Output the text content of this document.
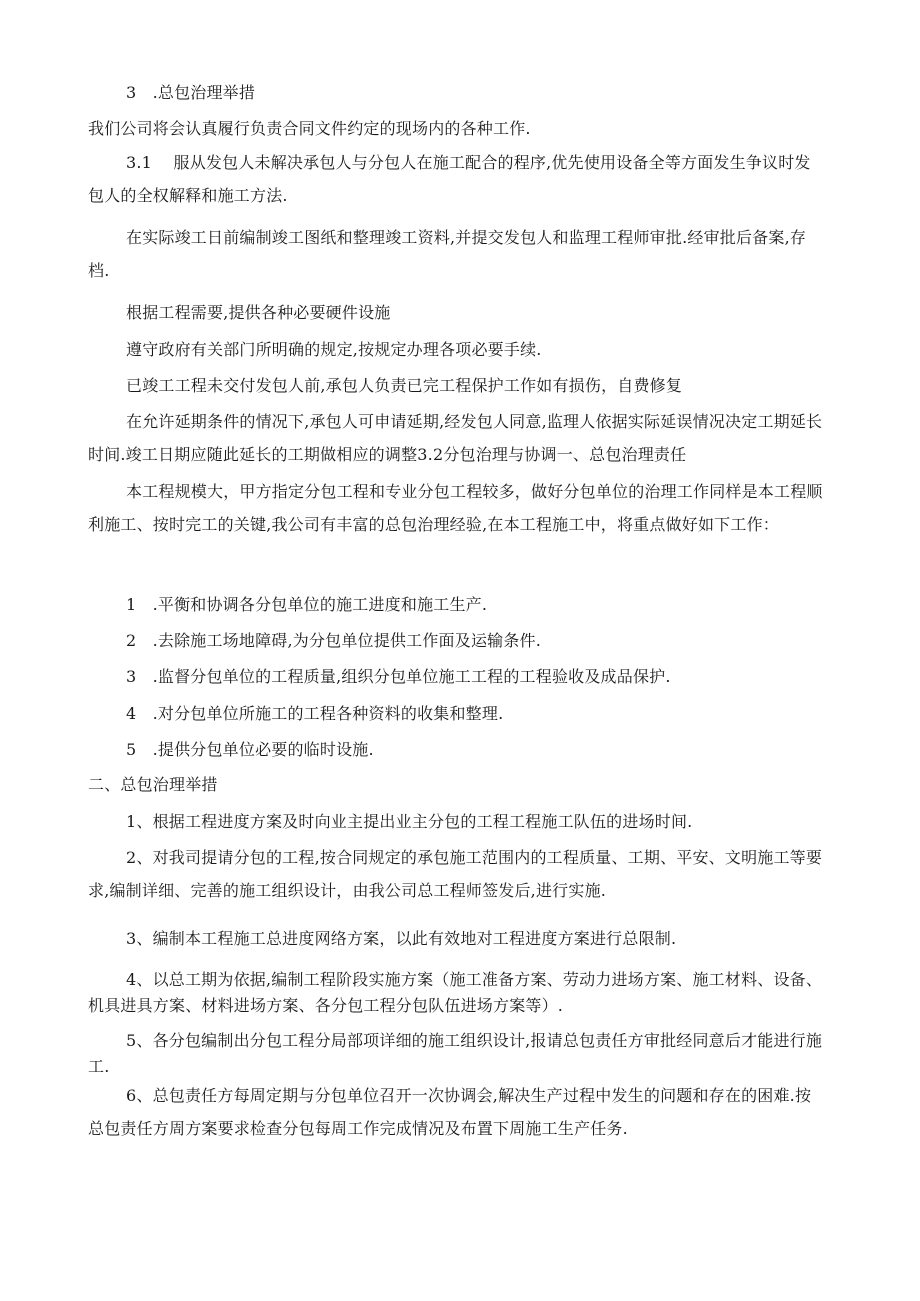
3　.总包治理举措

我们公司将会认真履行负责合同文件约定的现场内的各种工作.

3.1　 服从发包人未解决承包人与分包人在施工配合的程序,优先使用设备全等方面发生争议时发包人的全权解释和施工方法.

在实际竣工日前编制竣工图纸和整理竣工资料,并提交发包人和监理工程师审批.经审批后备案,存档.

根据工程需要,提供各种必要硬件设施

遵守政府有关部门所明确的规定,按规定办理各项必要手续.

已竣工工程未交付发包人前,承包人负责已完工程保护工作如有损伤，自费修复

在允许延期条件的情况下,承包人可申请延期,经发包人同意,监理人依据实际延误情况决定工期延长时间.竣工日期应随此延长的工期做相应的调整3.2分包治理与协调一、总包治理责任

本工程规模大，甲方指定分包工程和专业分包工程较多，做好分包单位的治理工作同样是本工程顺利施工、按时完工的关键,我公司有丰富的总包治理经验,在本工程施工中，将重点做好如下工作：

1　.平衡和协调各分包单位的施工进度和施工生产.

2　.去除施工场地障碍,为分包单位提供工作面及运输条件.

3　.监督分包单位的工程质量,组织分包单位施工工程的工程验收及成品保护.

4　.对分包单位所施工的工程各种资料的收集和整理.

5　.提供分包单位必要的临时设施.

二、总包治理举措

1、根据工程进度方案及时向业主提出业主分包的工程工程施工队伍的进场时间.

2、对我司提请分包的工程,按合同规定的承包施工范围内的工程质量、工期、平安、文明施工等要求,编制详细、完善的施工组织设计，由我公司总工程师签发后,进行实施.

3、编制本工程施工总进度网络方案，以此有效地对工程进度方案进行总限制.

4、以总工期为依据,编制工程阶段实施方案（施工准备方案、劳动力进场方案、施工材料、设备、机具进具方案、材料进场方案、各分包工程分包队伍进场方案等）.

5、各分包编制出分包工程分局部项详细的施工组织设计,报请总包责任方审批经同意后才能进行施工.

6、总包责任方每周定期与分包单位召开一次协调会,解决生产过程中发生的问题和存在的困难.按总包责任方周方案要求检查分包每周工作完成情况及布置下周施工生产任务.
